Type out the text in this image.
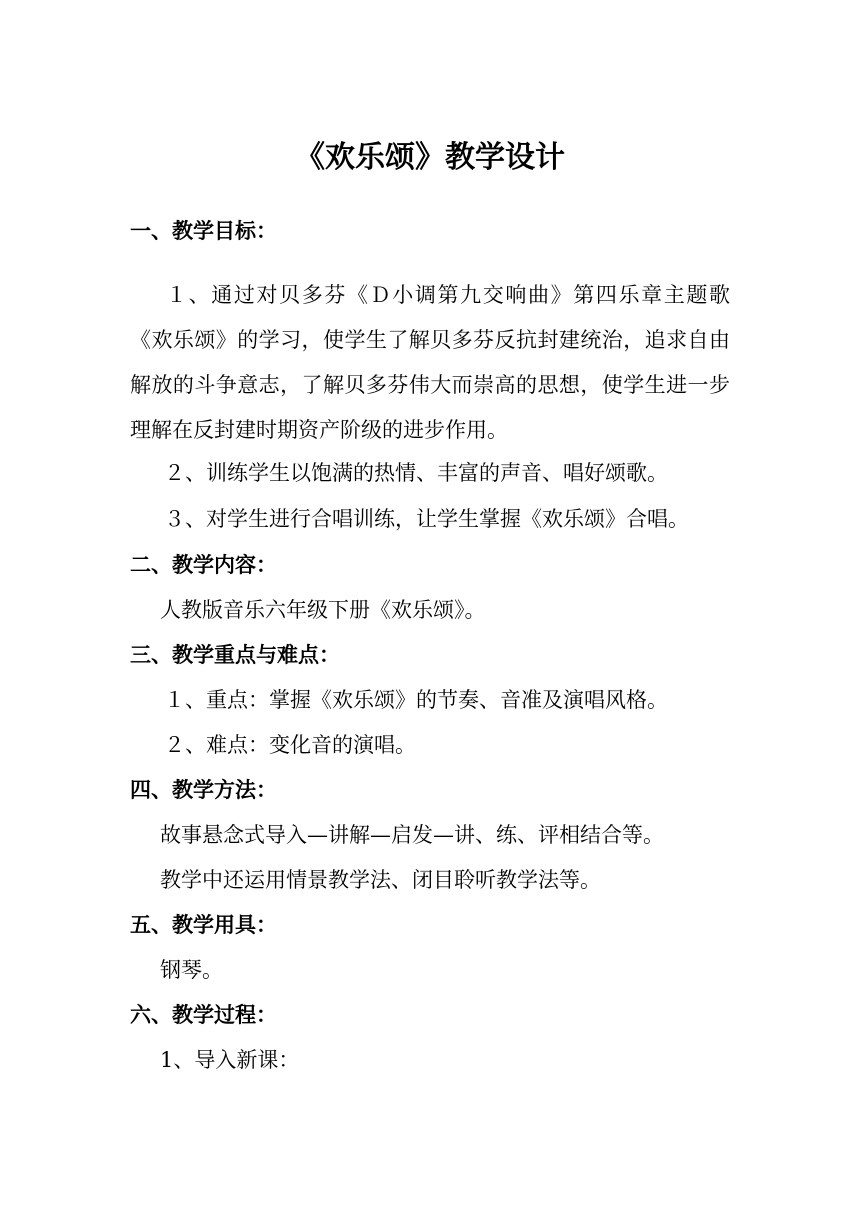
《欢乐颂》教学设计

一、教学目标：

１、通过对贝多芬《Ｄ小调第九交响曲》第四乐章主题歌《欢乐颂》的学习，使学生了解贝多芬反抗封建统治，追求自由解放的斗争意志，了解贝多芬伟大而崇高的思想，使学生进一步理解在反封建时期资产阶级的进步作用。

２、训练学生以饱满的热情、丰富的声音、唱好颂歌。

３、对学生进行合唱训练，让学生掌握《欢乐颂》合唱。

二、教学内容：

人教版音乐六年级下册《欢乐颂》。

三、教学重点与难点：

１、重点：掌握《欢乐颂》的节奏、音准及演唱风格。

２、难点：变化音的演唱。

四、教学方法：

故事悬念式导入—讲解—启发—讲、练、评相结合等。

教学中还运用情景教学法、闭目聆听教学法等。

五、教学用具：

钢琴。

六、教学过程：

1、导入新课：
